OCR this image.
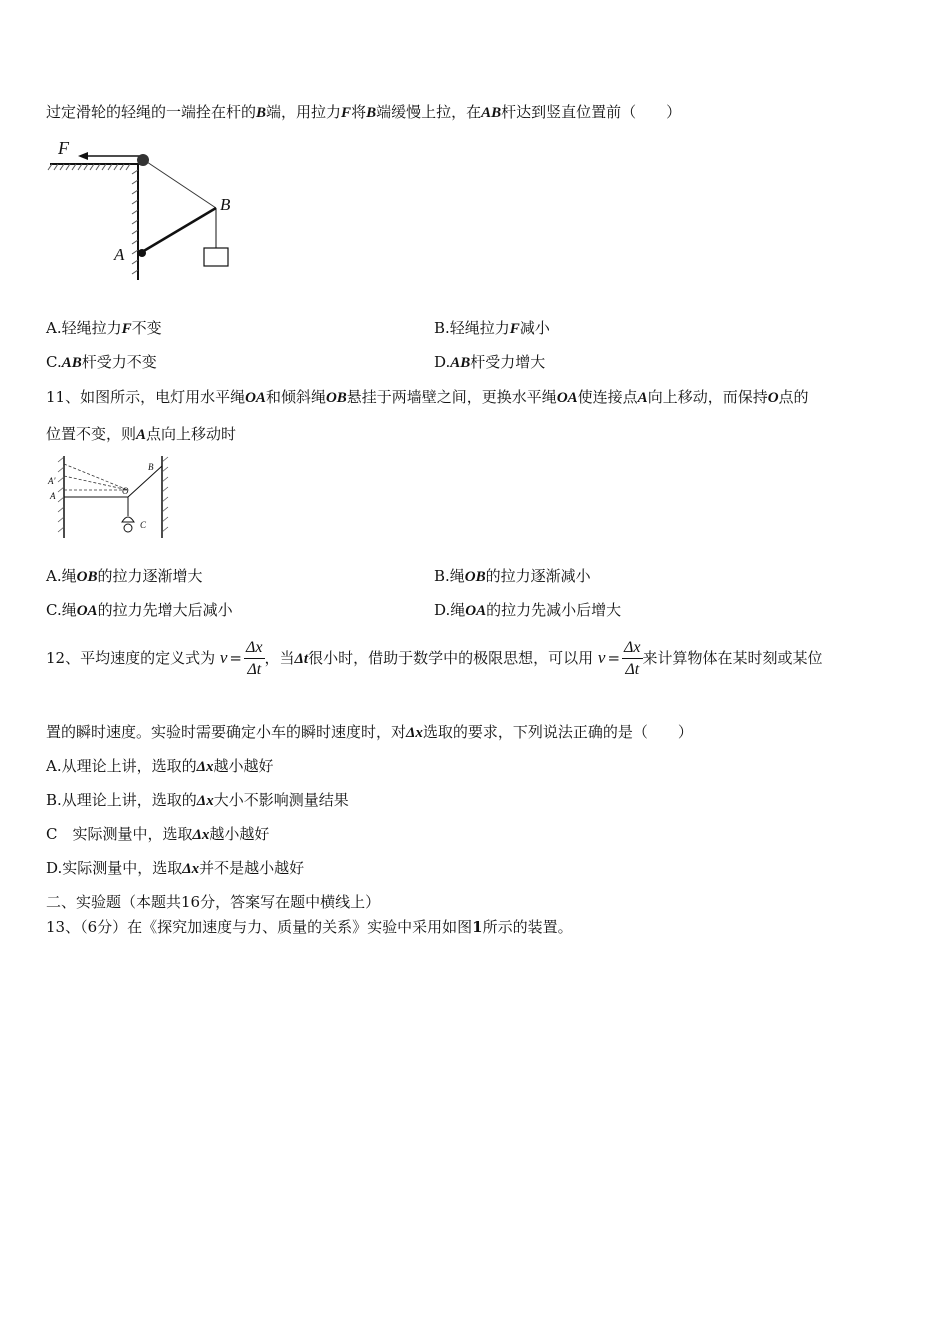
过定滑轮的轻绳的一端拴在杆的B端，用拉力F将B端缓慢上拉，在AB杆达到竖直位置前（　　）
F
B
A
A.轻绳拉力F不变	B.轻绳拉力F减小
C.AB杆受力不变	D.AB杆受力增大
11、如图所示，电灯用水平绳OA和倾斜绳OB悬挂于两墙壁之间，更换水平绳OA使连接点A向上移动，而保持O点的
位置不变，则A点向上移动时
A'
A	O
B
C
A.绳OB的拉力逐渐增大	B.绳OB的拉力逐渐减小
C.绳OA的拉力先增大后减小	D.绳OA的拉力先减小后增大
12、平均速度的定义式为 $v = \frac{\Delta x}{\Delta t}$ ，当Δt很小时，借助于数学中的极限思想，可以用 $v = \frac{\Delta x}{\Delta t}$ 来计算物体在某时刻或某位
置的瞬时速度。实验时需要确定小车的瞬时速度时，对Δx选取的要求，下列说法正确的是（　　）
A.从理论上讲，选取的Δx越小越好
B.从理论上讲，选取的Δx大小不影响测量结果
C　实际测量中，选取Δx越小越好
D.实际测量中，选取Δx并不是越小越好
二、实验题（本题共16分，答案写在题中横线上）
13、（6分）在《探究加速度与力、质量的关系》实验中采用如图1所示的装置。
